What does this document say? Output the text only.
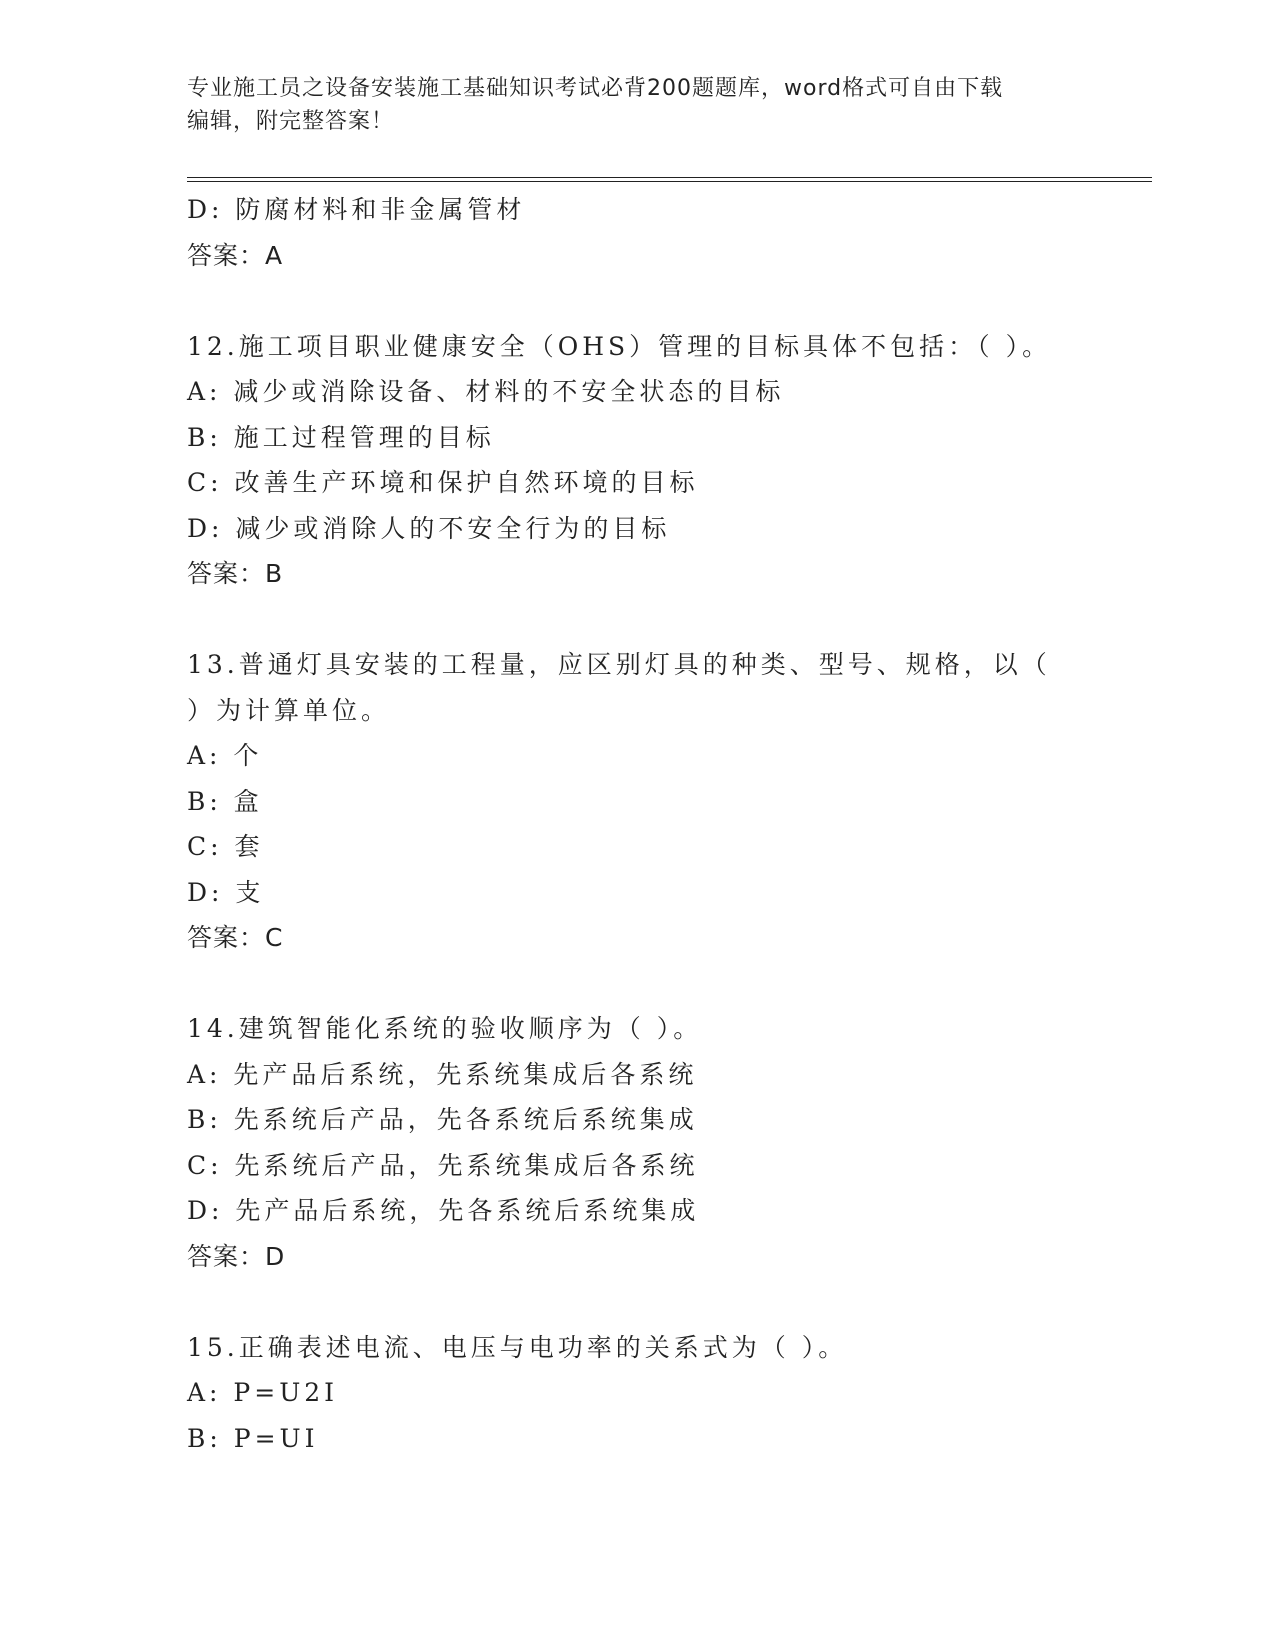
专业施工员之设备安装施工基础知识考试必背200题题库，word格式可自由下载
编辑，附完整答案！
D: 防腐材料和非金属管材
答案：A
12.施工项目职业健康安全（OHS）管理的目标具体不包括：（ ）。
A: 减少或消除设备、材料的不安全状态的目标
B: 施工过程管理的目标
C: 改善生产环境和保护自然环境的目标
D: 减少或消除人的不安全行为的目标
答案：B
13.普通灯具安装的工程量，应区别灯具的种类、型号、规格，以（
）为计算单位。
A: 个
B: 盒
C: 套
D: 支
答案：C
14.建筑智能化系统的验收顺序为（ ）。
A: 先产品后系统，先系统集成后各系统
B: 先系统后产品，先各系统后系统集成
C: 先系统后产品，先系统集成后各系统
D: 先产品后系统，先各系统后系统集成
答案：D
15.正确表述电流、电压与电功率的关系式为（ ）。
A: P=U2I
B: P=UI
